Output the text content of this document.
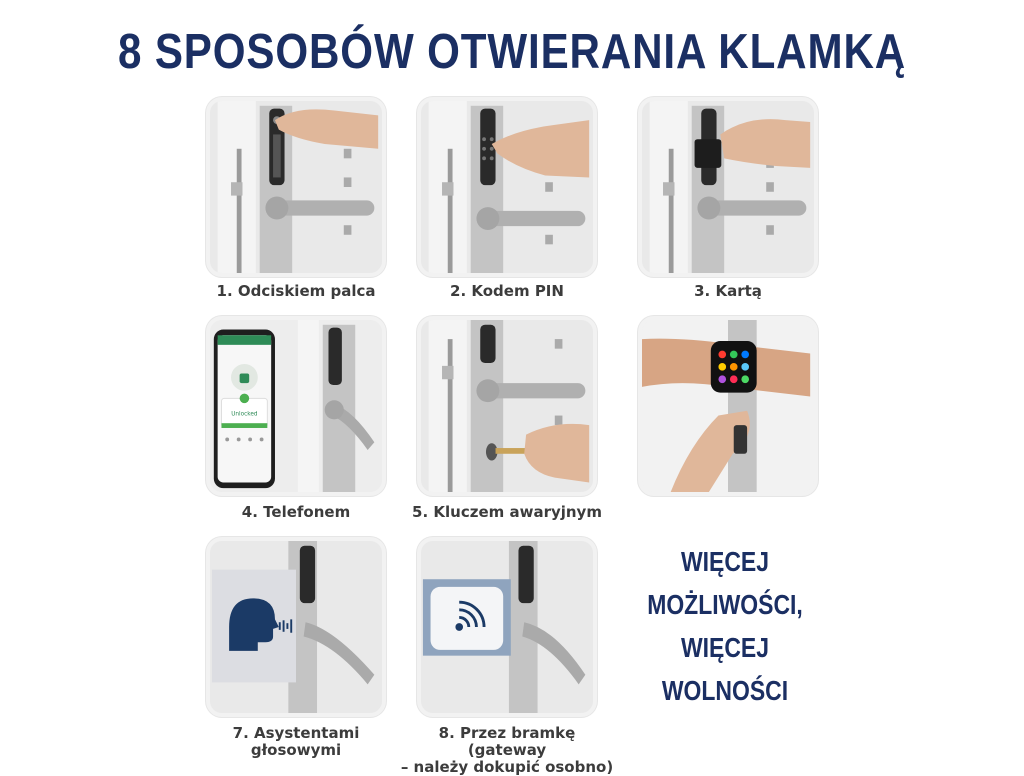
8 SPOSOBÓW OTWIERANIA KLAMKĄ
1. Odciskiem palca	2. Kodem PIN	3. Kartą
Unlocked
4. Telefonem	5. Kluczem awaryjnym
7. Asystentami
głosowymi
8. Przez bramkę (gateway
– należy dokupić osobno)
WIĘCEJ
MOŻLIWOŚCI,
WIĘCEJ
WOLNOŚCI
